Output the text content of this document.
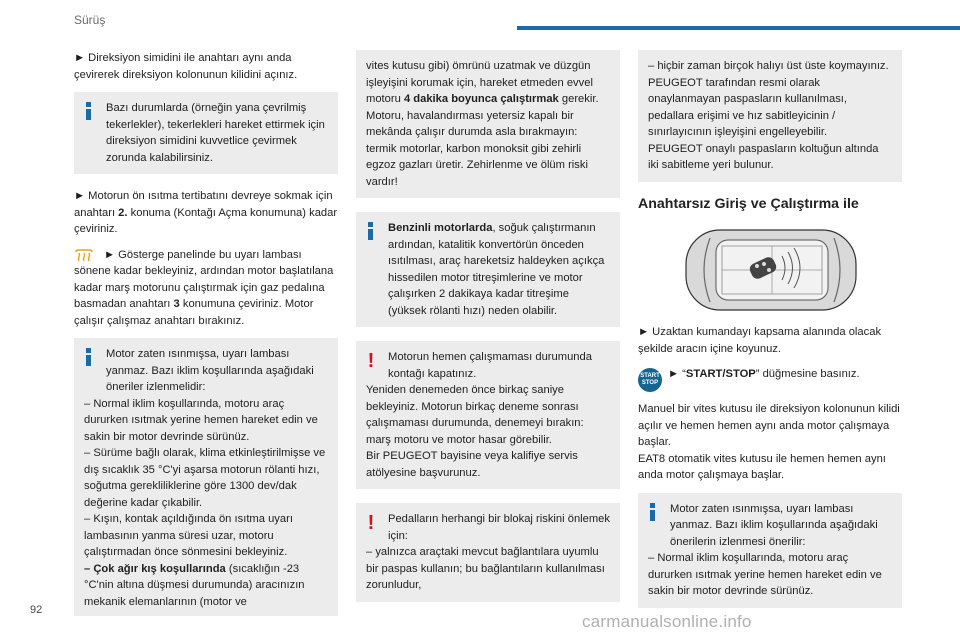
Sürüş

► Direksiyon simidini ile anahtarı aynı anda çevirerek direksiyon kolonunun kilidini açınız.

Bazı durumlarda (örneğin yana çevrilmiş tekerlekler), tekerlekleri hareket ettirmek için direksiyon simidini kuvvetlice çevirmek zorunda kalabilirsiniz.

► Motorun ön ısıtma tertibatını devreye sokmak için anahtarı 2. konuma (Kontağı Açma konumuna) kadar çeviriniz.

► Gösterge panelinde bu uyarı lambası sönene kadar bekleyiniz, ardından motor başlatılana kadar marş motorunu çalıştırmak için gaz pedalına basmadan anahtarı 3 konumuna çeviriniz. Motor çalışır çalışmaz anahtarı bırakınız.

Motor zaten ısınmışsa, uyarı lambası yanmaz. Bazı iklim koşullarında aşağıdaki öneriler izlenmelidir:
– Normal iklim koşullarında, motoru araç dururken ısıtmak yerine hemen hareket edin ve sakin bir motor devrinde sürünüz.
– Sürüme bağlı olarak, klima etkinleştirilmişse ve dış sıcaklık 35 °C'yi aşarsa motorun rölanti hızı, soğutma gerekliliklerine göre 1300 dev/dak değerine kadar çıkabilir.
– Kışın, kontak açıldığında ön ısıtma uyarı lambasının yanma süresi uzar, motoru çalıştırmadan önce sönmesini bekleyiniz.
– Çok ağır kış koşullarında (sıcaklığın -23 °C'nin altına düşmesi durumunda) aracınızın mekanik elemanlarının (motor ve
vites kutusu gibi) ömrünü uzatmak ve düzgün işleyişini korumak için, hareket etmeden evvel motoru 4 dakika boyunca çalıştırmak gerekir.
Motoru, havalandırması yetersiz kapalı bir mekânda çalışır durumda asla bırakmayın: termik motorlar, karbon monoksit gibi zehirli egzoz gazları üretir. Zehirlenme ve ölüm riski vardır!
Benzinli motorlarda, soğuk çalıştırmanın ardından, katalitik konvertörün önceden ısıtılması, araç hareketsiz haldeyken açıkça hissedilen motor titreşimlerine ve motor çalışırken 2 dakikaya kadar titreşime (yüksek rölanti hızı) neden olabilir.
!	Motorun hemen çalışmaması durumunda kontağı kapatınız.
Yeniden denemeden önce birkaç saniye bekleyiniz. Motorun birkaç deneme sonrası çalışmaması durumunda, denemeyi bırakın: marş motoru ve motor hasar görebilir.
Bir PEUGEOT bayisine veya kalifiye servis atölyesine başvurunuz.
!	Pedalların herhangi bir blokaj riskini önlemek için:
– yalnızca araçtaki mevcut bağlantılara uyumlu bir paspas kullanın; bu bağlantıların kullanılması zorunludur,
– hiçbir zaman birçok halıyı üst üste koymayınız.
PEUGEOT tarafından resmi olarak onaylanmayan paspasların kullanılması, pedallara erişimi ve hız sabitleyicinin / sınırlayıcının işleyişini engelleyebilir.
PEUGEOT onaylı paspasların koltuğun altında iki sabitleme yeri bulunur.
Anahtarsız Giriş ve Çalıştırma ile

► Uzaktan kumandayı kapsama alanında olacak şekilde aracın içine koyunuz.

START
STOP
► “START/STOP” düğmesine basınız.

Manuel bir vites kutusu ile direksiyon kolonunun kilidi açılır ve hemen hemen aynı anda motor çalışmaya başlar.
EAT8 otomatik vites kutusu ile hemen hemen aynı anda motor çalışmaya başlar.

Motor zaten ısınmışsa, uyarı lambası yanmaz. Bazı iklim koşullarında aşağıdaki önerilerin izlenmesi önerilir:
– Normal iklim koşullarında, motoru araç dururken ısıtmak yerine hemen hareket edin ve sakin bir motor devrinde sürünüz.
92
carmanualsonline.info
